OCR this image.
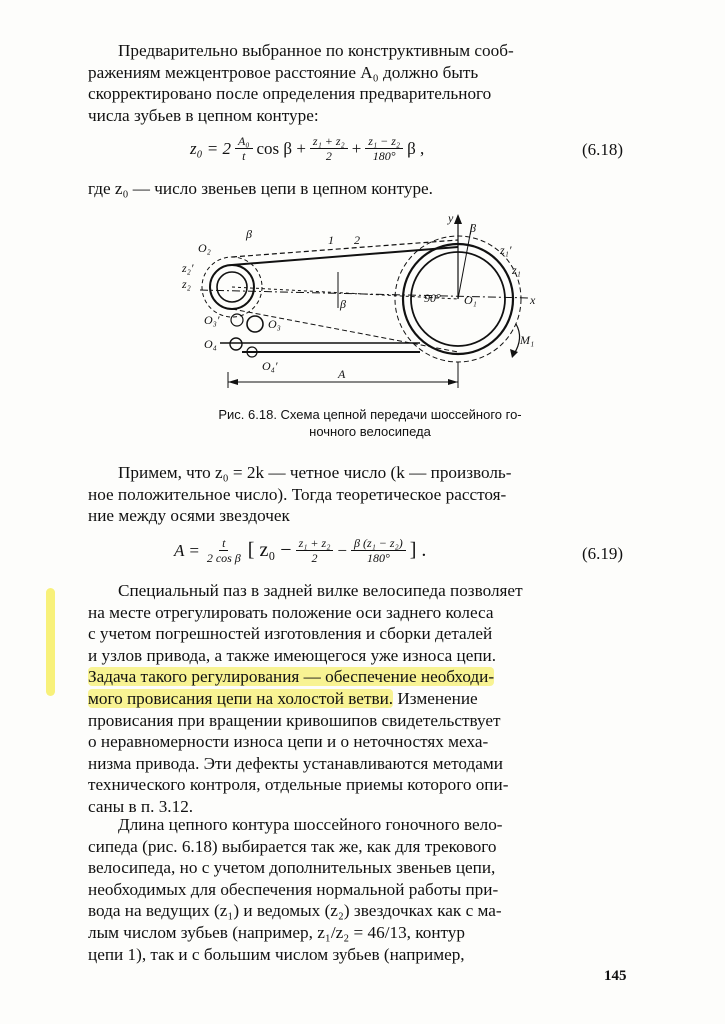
Предварительно выбранное по конструктивным сооб-
ражениям межцентровое расстояние A₀ должно быть
скорректировано после определения предварительного
числа зубьев в цепном контуре:
$z_0 = 2 \frac{\text{A₀}}{t}$ $\cos \beta + \frac{\text{z₁ + z₂}}{2} + \frac{\text{z₁ − z₂}}{180^\circ}$ β ,	(6.18)
где z₀ — число звеньев цепи в цепном контуре.
β	1 2
y
β
O₂
z₂′
z₂
z₁′
z₁
β	90° O₁	x
O₃′	O₃
M₁
O₄
O₄′
A
Рис. 6.18. Схема цепной передачи шоссейного го-
ночного велосипеда
Примем, что z₀ = 2k — четное число (k — произволь-
ное положительное число). Тогда теоретическое расстоя-
ние между осями звездочек
$A = \frac{t}{\text{2 cos β}}$ [ $z_0 - \frac{\text{z₁ + z₂}}{2} - \frac{\text{β (z₁ − z₂)}}{180^\circ}$ ] .	(6.19)
Специальный паз в задней вилке велосипеда позволяет
на месте отрегулировать положение оси заднего колеса
с учетом погрешностей изготовления и сборки деталей
и узлов привода, а также имеющегося уже износа цепи.
Задача такого регулирования — обеспечение необходи-
мого провисания цепи на холостой ветви. Изменение
провисания при вращении кривошипов свидетельствует
о неравномерности износа цепи и о неточностях меха-
низма привода. Эти дефекты устанавливаются методами
технического контроля, отдельные приемы которого опи-
саны в п. 3.12.
Длина цепного контура шоссейного гоночного вело-
сипеда (рис. 6.18) выбирается так же, как для трекового
велосипеда, но с учетом дополнительных звеньев цепи,
необходимых для обеспечения нормальной работы при-
вода на ведущих (z₁) и ведомых (z₂) звездочках как с ма-
лым числом зубьев (например, z₁/z₂ = 46/13, контур
цепи 1), так и с большим числом зубьев (например,
145
